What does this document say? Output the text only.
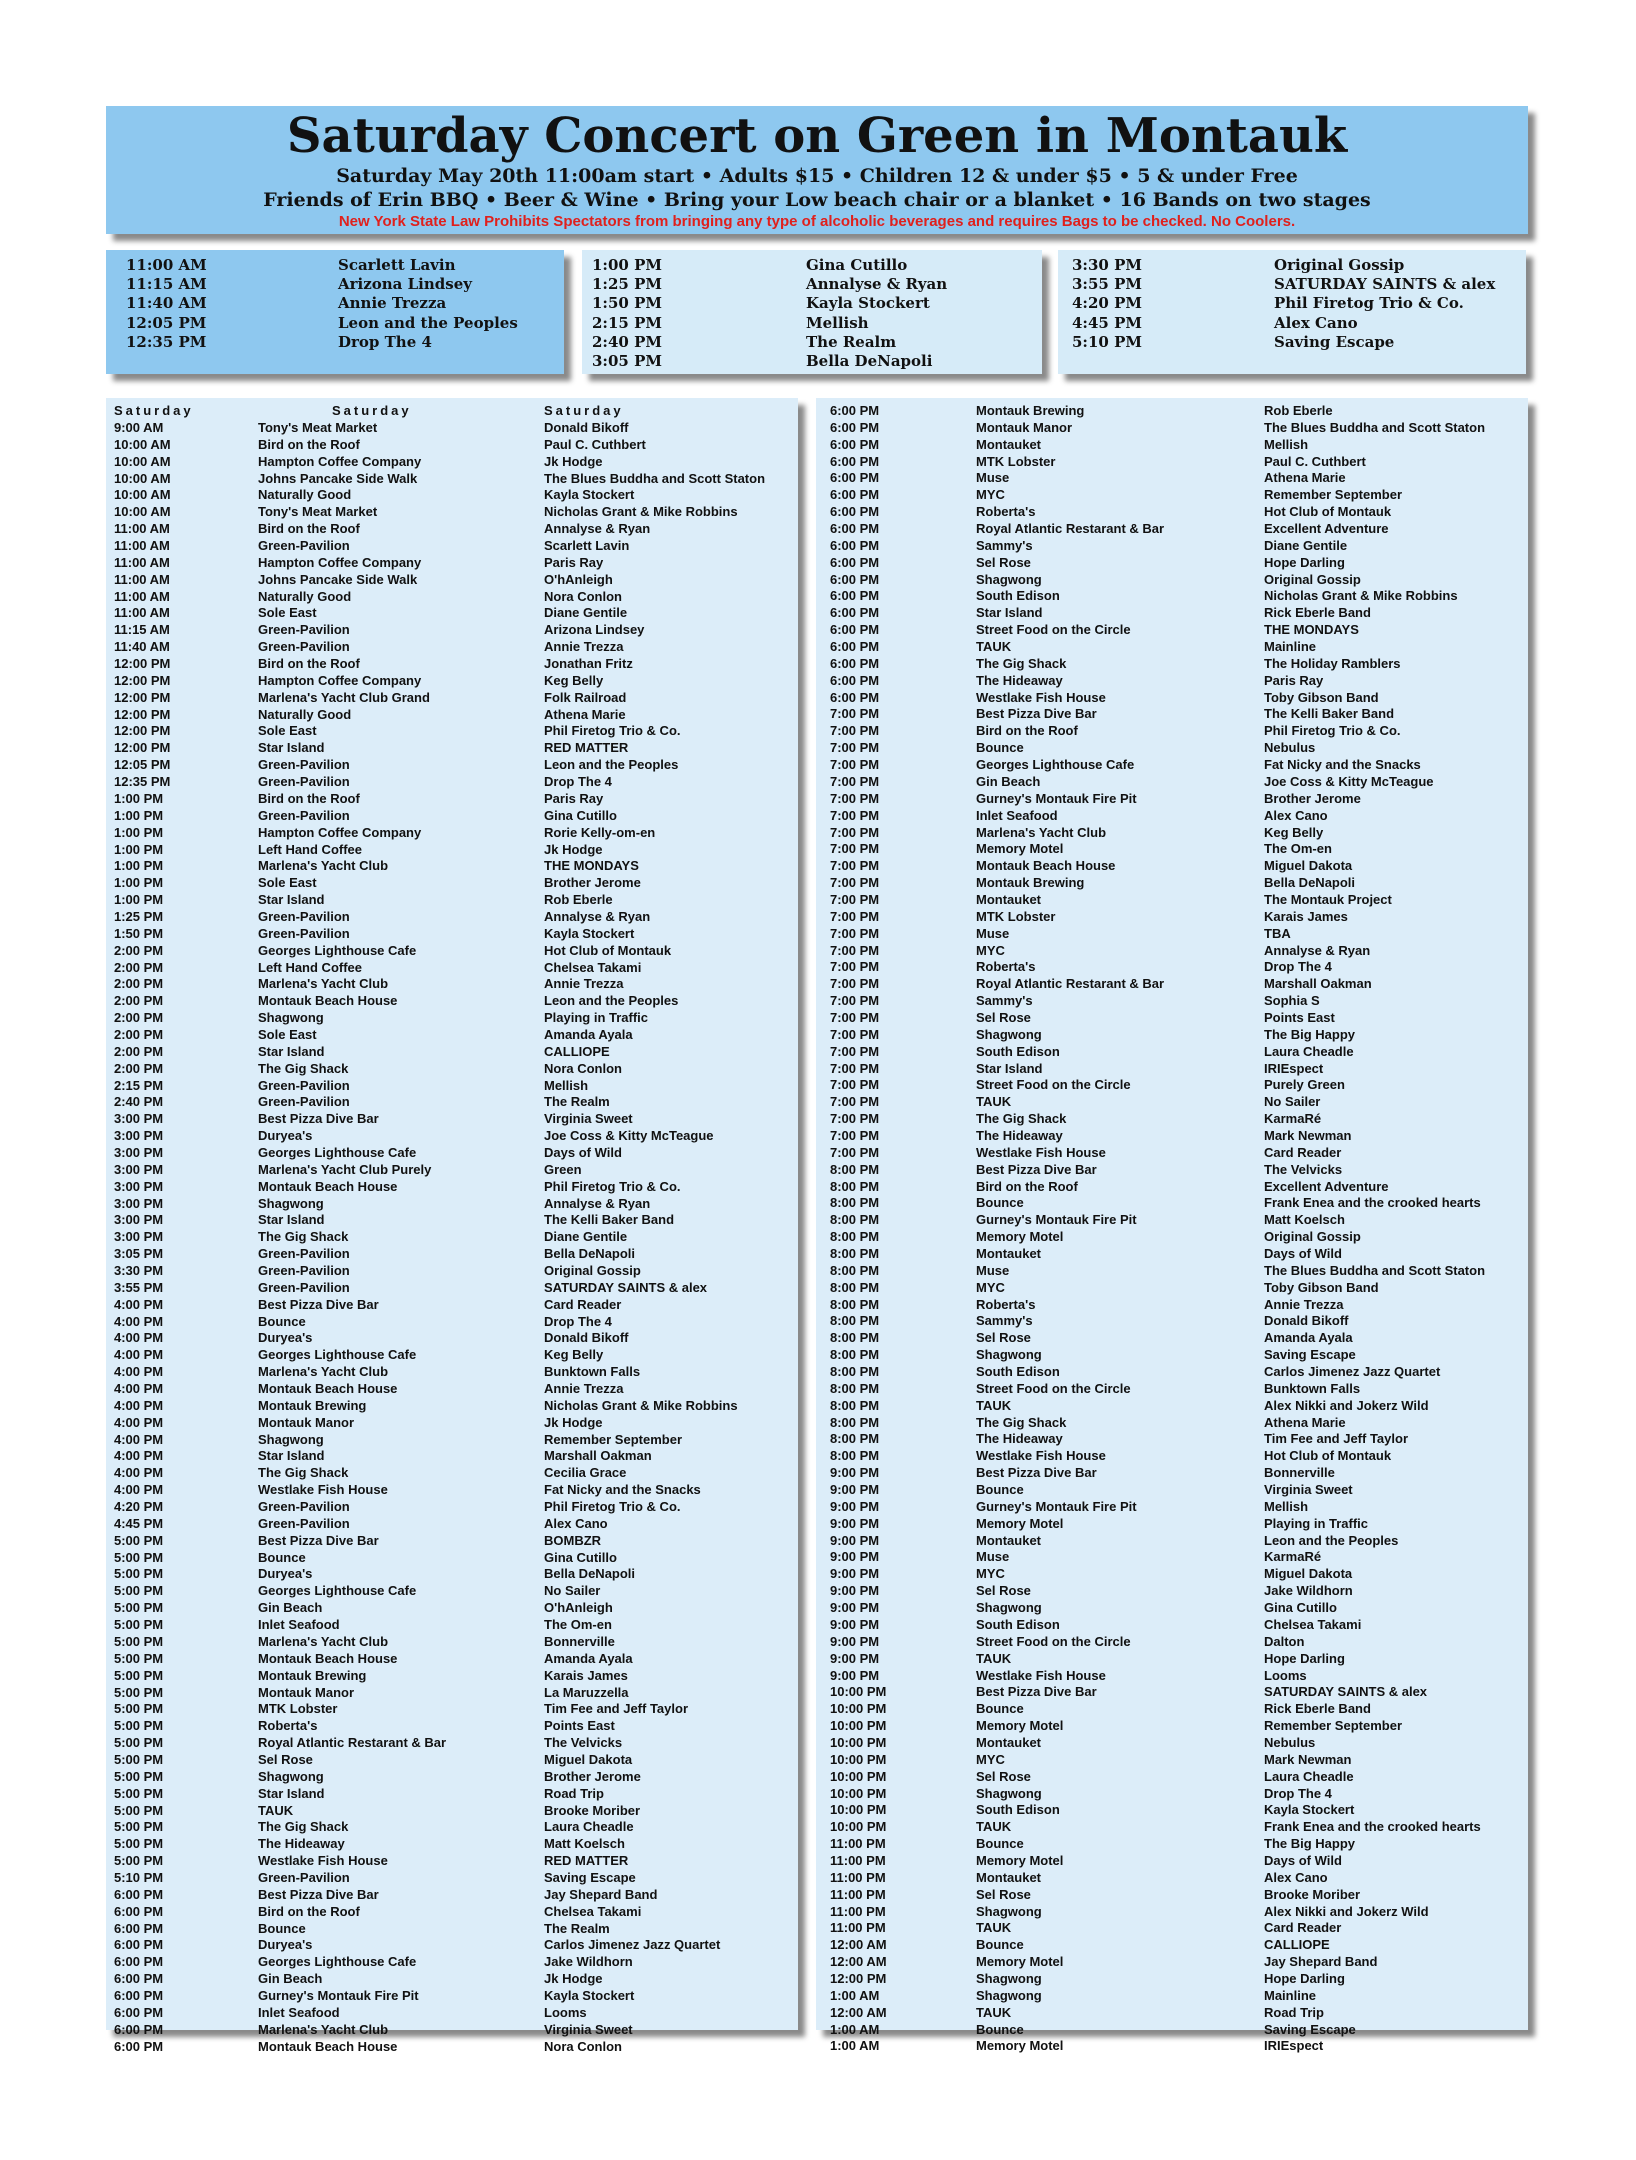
Saturday Concert on Green in Montauk
Saturday May 20th 11:00am start • Adults $15 • Children 12 & under $5 • 5 & under Free
Friends of Erin BBQ • Beer & Wine • Bring your Low beach chair or a blanket • 16 Bands on two stages
New York State Law Prohibits Spectators from bringing any type of alcoholic beverages and requires Bags to be checked. No Coolers.
11:00 AM	Scarlett Lavin
11:15 AM	Arizona Lindsey
11:40 AM	Annie Trezza
12:05 PM	Leon and the Peoples
12:35 PM	Drop The 4
1:00 PM	Gina Cutillo
1:25 PM	Annalyse & Ryan
1:50 PM	Kayla Stockert
2:15 PM	Mellish
2:40 PM	The Realm
3:05 PM	Bella DeNapoli
3:30 PM	Original Gossip
3:55 PM	SATURDAY SAINTS & alex
4:20 PM	Phil Firetog Trio & Co.
4:45 PM	Alex Cano
5:10 PM	Saving Escape
Saturday	Saturday	Saturday
9:00 AM	Tony's Meat Market	Donald Bikoff
10:00 AM	Bird on the Roof	Paul C. Cuthbert
10:00 AM	Hampton Coffee Company	Jk Hodge
10:00 AM	Johns Pancake Side Walk	The Blues Buddha and Scott Staton
10:00 AM	Naturally Good	Kayla Stockert
10:00 AM	Tony's Meat Market	Nicholas Grant & Mike Robbins
11:00 AM	Bird on the Roof	Annalyse & Ryan
11:00 AM	Green-Pavilion	Scarlett Lavin
11:00 AM	Hampton Coffee Company	Paris Ray
11:00 AM	Johns Pancake Side Walk	O'hAnleigh
11:00 AM	Naturally Good	Nora Conlon
11:00 AM	Sole East	Diane Gentile
11:15 AM	Green-Pavilion	Arizona Lindsey
11:40 AM	Green-Pavilion	Annie Trezza
12:00 PM	Bird on the Roof	Jonathan Fritz
12:00 PM	Hampton Coffee Company	Keg Belly
12:00 PM	Marlena's Yacht Club Grand	Folk Railroad
12:00 PM	Naturally Good	Athena Marie
12:00 PM	Sole East	Phil Firetog Trio & Co.
12:00 PM	Star Island	RED MATTER
12:05 PM	Green-Pavilion	Leon and the Peoples
12:35 PM	Green-Pavilion	Drop The 4
1:00 PM	Bird on the Roof	Paris Ray
1:00 PM	Green-Pavilion	Gina Cutillo
1:00 PM	Hampton Coffee Company	Rorie Kelly-om-en
1:00 PM	Left Hand Coffee	Jk Hodge
1:00 PM	Marlena's Yacht Club	THE MONDAYS
1:00 PM	Sole East	Brother Jerome
1:00 PM	Star Island	Rob Eberle
1:25 PM	Green-Pavilion	Annalyse & Ryan
1:50 PM	Green-Pavilion	Kayla Stockert
2:00 PM	Georges Lighthouse Cafe	Hot Club of Montauk
2:00 PM	Left Hand Coffee	Chelsea Takami
2:00 PM	Marlena's Yacht Club	Annie Trezza
2:00 PM	Montauk Beach House	Leon and the Peoples
2:00 PM	Shagwong	Playing in Traffic
2:00 PM	Sole East	Amanda Ayala
2:00 PM	Star Island	CALLIOPE
2:00 PM	The Gig Shack	Nora Conlon
2:15 PM	Green-Pavilion	Mellish
2:40 PM	Green-Pavilion	The Realm
3:00 PM	Best Pizza Dive Bar	Virginia Sweet
3:00 PM	Duryea's	Joe Coss & Kitty McTeague
3:00 PM	Georges Lighthouse Cafe	Days of Wild
3:00 PM	Marlena's Yacht Club Purely	Green
3:00 PM	Montauk Beach House	Phil Firetog Trio & Co.
3:00 PM	Shagwong	Annalyse & Ryan
3:00 PM	Star Island	The Kelli Baker Band
3:00 PM	The Gig Shack	Diane Gentile
3:05 PM	Green-Pavilion	Bella DeNapoli
3:30 PM	Green-Pavilion	Original Gossip
3:55 PM	Green-Pavilion	SATURDAY SAINTS & alex
4:00 PM	Best Pizza Dive Bar	Card Reader
4:00 PM	Bounce	Drop The 4
4:00 PM	Duryea's	Donald Bikoff
4:00 PM	Georges Lighthouse Cafe	Keg Belly
4:00 PM	Marlena's Yacht Club	Bunktown Falls
4:00 PM	Montauk Beach House	Annie Trezza
4:00 PM	Montauk Brewing	Nicholas Grant & Mike Robbins
4:00 PM	Montauk Manor	Jk Hodge
4:00 PM	Shagwong	Remember September
4:00 PM	Star Island	Marshall Oakman
4:00 PM	The Gig Shack	Cecilia Grace
4:00 PM	Westlake Fish House	Fat Nicky and the Snacks
4:20 PM	Green-Pavilion	Phil Firetog Trio & Co.
4:45 PM	Green-Pavilion	Alex Cano
5:00 PM	Best Pizza Dive Bar	BOMBZR
5:00 PM	Bounce	Gina Cutillo
5:00 PM	Duryea's	Bella DeNapoli
5:00 PM	Georges Lighthouse Cafe	No Sailer
5:00 PM	Gin Beach	O'hAnleigh
5:00 PM	Inlet Seafood	The Om-en
5:00 PM	Marlena's Yacht Club	Bonnerville
5:00 PM	Montauk Beach House	Amanda Ayala
5:00 PM	Montauk Brewing	Karais James
5:00 PM	Montauk Manor	La Maruzzella
5:00 PM	MTK Lobster	Tim Fee and Jeff Taylor
5:00 PM	Roberta's	Points East
5:00 PM	Royal Atlantic Restarant & Bar	The Velvicks
5:00 PM	Sel Rose	Miguel Dakota
5:00 PM	Shagwong	Brother Jerome
5:00 PM	Star Island	Road Trip
5:00 PM	TAUK	Brooke Moriber
5:00 PM	The Gig Shack	Laura Cheadle
5:00 PM	The Hideaway	Matt Koelsch
5:00 PM	Westlake Fish House	RED MATTER
5:10 PM	Green-Pavilion	Saving Escape
6:00 PM	Best Pizza Dive Bar	Jay Shepard Band
6:00 PM	Bird on the Roof	Chelsea Takami
6:00 PM	Bounce	The Realm
6:00 PM	Duryea's	Carlos Jimenez Jazz Quartet
6:00 PM	Georges Lighthouse Cafe	Jake Wildhorn
6:00 PM	Gin Beach	Jk Hodge
6:00 PM	Gurney's Montauk Fire Pit	Kayla Stockert
6:00 PM	Inlet Seafood	Looms
6:00 PM	Marlena's Yacht Club	Virginia Sweet
6:00 PM	Montauk Beach House	Nora Conlon
6:00 PM	Montauk Brewing	Rob Eberle
6:00 PM	Montauk Manor	The Blues Buddha and Scott Staton
6:00 PM	Montauket	Mellish
6:00 PM	MTK Lobster	Paul C. Cuthbert
6:00 PM	Muse	Athena Marie
6:00 PM	MYC	Remember September
6:00 PM	Roberta's	Hot Club of Montauk
6:00 PM	Royal Atlantic Restarant & Bar	Excellent Adventure
6:00 PM	Sammy's	Diane Gentile
6:00 PM	Sel Rose	Hope Darling
6:00 PM	Shagwong	Original Gossip
6:00 PM	South Edison	Nicholas Grant & Mike Robbins
6:00 PM	Star Island	Rick Eberle Band
6:00 PM	Street Food on the Circle	THE MONDAYS
6:00 PM	TAUK	Mainline
6:00 PM	The Gig Shack	The Holiday Ramblers
6:00 PM	The Hideaway	Paris Ray
6:00 PM	Westlake Fish House	Toby Gibson Band
7:00 PM	Best Pizza Dive Bar	The Kelli Baker Band
7:00 PM	Bird on the Roof	Phil Firetog Trio & Co.
7:00 PM	Bounce	Nebulus
7:00 PM	Georges Lighthouse Cafe	Fat Nicky and the Snacks
7:00 PM	Gin Beach	Joe Coss & Kitty McTeague
7:00 PM	Gurney's Montauk Fire Pit	Brother Jerome
7:00 PM	Inlet Seafood	Alex Cano
7:00 PM	Marlena's Yacht Club	Keg Belly
7:00 PM	Memory Motel	The Om-en
7:00 PM	Montauk Beach House	Miguel Dakota
7:00 PM	Montauk Brewing	Bella DeNapoli
7:00 PM	Montauket	The Montauk Project
7:00 PM	MTK Lobster	Karais James
7:00 PM	Muse	TBA
7:00 PM	MYC	Annalyse & Ryan
7:00 PM	Roberta's	Drop The 4
7:00 PM	Royal Atlantic Restarant & Bar	Marshall Oakman
7:00 PM	Sammy's	Sophia S
7:00 PM	Sel Rose	Points East
7:00 PM	Shagwong	The Big Happy
7:00 PM	South Edison	Laura Cheadle
7:00 PM	Star Island	IRIEspect
7:00 PM	Street Food on the Circle	Purely Green
7:00 PM	TAUK	No Sailer
7:00 PM	The Gig Shack	KarmaRé
7:00 PM	The Hideaway	Mark Newman
7:00 PM	Westlake Fish House	Card Reader
8:00 PM	Best Pizza Dive Bar	The Velvicks
8:00 PM	Bird on the Roof	Excellent Adventure
8:00 PM	Bounce	Frank Enea and the crooked hearts
8:00 PM	Gurney's Montauk Fire Pit	Matt Koelsch
8:00 PM	Memory Motel	Original Gossip
8:00 PM	Montauket	Days of Wild
8:00 PM	Muse	The Blues Buddha and Scott Staton
8:00 PM	MYC	Toby Gibson Band
8:00 PM	Roberta's	Annie Trezza
8:00 PM	Sammy's	Donald Bikoff
8:00 PM	Sel Rose	Amanda Ayala
8:00 PM	Shagwong	Saving Escape
8:00 PM	South Edison	Carlos Jimenez Jazz Quartet
8:00 PM	Street Food on the Circle	Bunktown Falls
8:00 PM	TAUK	Alex Nikki and Jokerz Wild
8:00 PM	The Gig Shack	Athena Marie
8:00 PM	The Hideaway	Tim Fee and Jeff Taylor
8:00 PM	Westlake Fish House	Hot Club of Montauk
9:00 PM	Best Pizza Dive Bar	Bonnerville
9:00 PM	Bounce	Virginia Sweet
9:00 PM	Gurney's Montauk Fire Pit	Mellish
9:00 PM	Memory Motel	Playing in Traffic
9:00 PM	Montauket	Leon and the Peoples
9:00 PM	Muse	KarmaRé
9:00 PM	MYC	Miguel Dakota
9:00 PM	Sel Rose	Jake Wildhorn
9:00 PM	Shagwong	Gina Cutillo
9:00 PM	South Edison	Chelsea Takami
9:00 PM	Street Food on the Circle	Dalton
9:00 PM	TAUK	Hope Darling
9:00 PM	Westlake Fish House	Looms
10:00 PM	Best Pizza Dive Bar	SATURDAY SAINTS & alex
10:00 PM	Bounce	Rick Eberle Band
10:00 PM	Memory Motel	Remember September
10:00 PM	Montauket	Nebulus
10:00 PM	MYC	Mark Newman
10:00 PM	Sel Rose	Laura Cheadle
10:00 PM	Shagwong	Drop The 4
10:00 PM	South Edison	Kayla Stockert
10:00 PM	TAUK	Frank Enea and the crooked hearts
11:00 PM	Bounce	The Big Happy
11:00 PM	Memory Motel	Days of Wild
11:00 PM	Montauket	Alex Cano
11:00 PM	Sel Rose	Brooke Moriber
11:00 PM	Shagwong	Alex Nikki and Jokerz Wild
11:00 PM	TAUK	Card Reader
12:00 AM	Bounce	CALLIOPE
12:00 AM	Memory Motel	Jay Shepard Band
12:00 PM	Shagwong	Hope Darling
1:00 AM	Shagwong	Mainline
12:00 AM	TAUK	Road Trip
1:00 AM	Bounce	Saving Escape
1:00 AM	Memory Motel	IRIEspect
